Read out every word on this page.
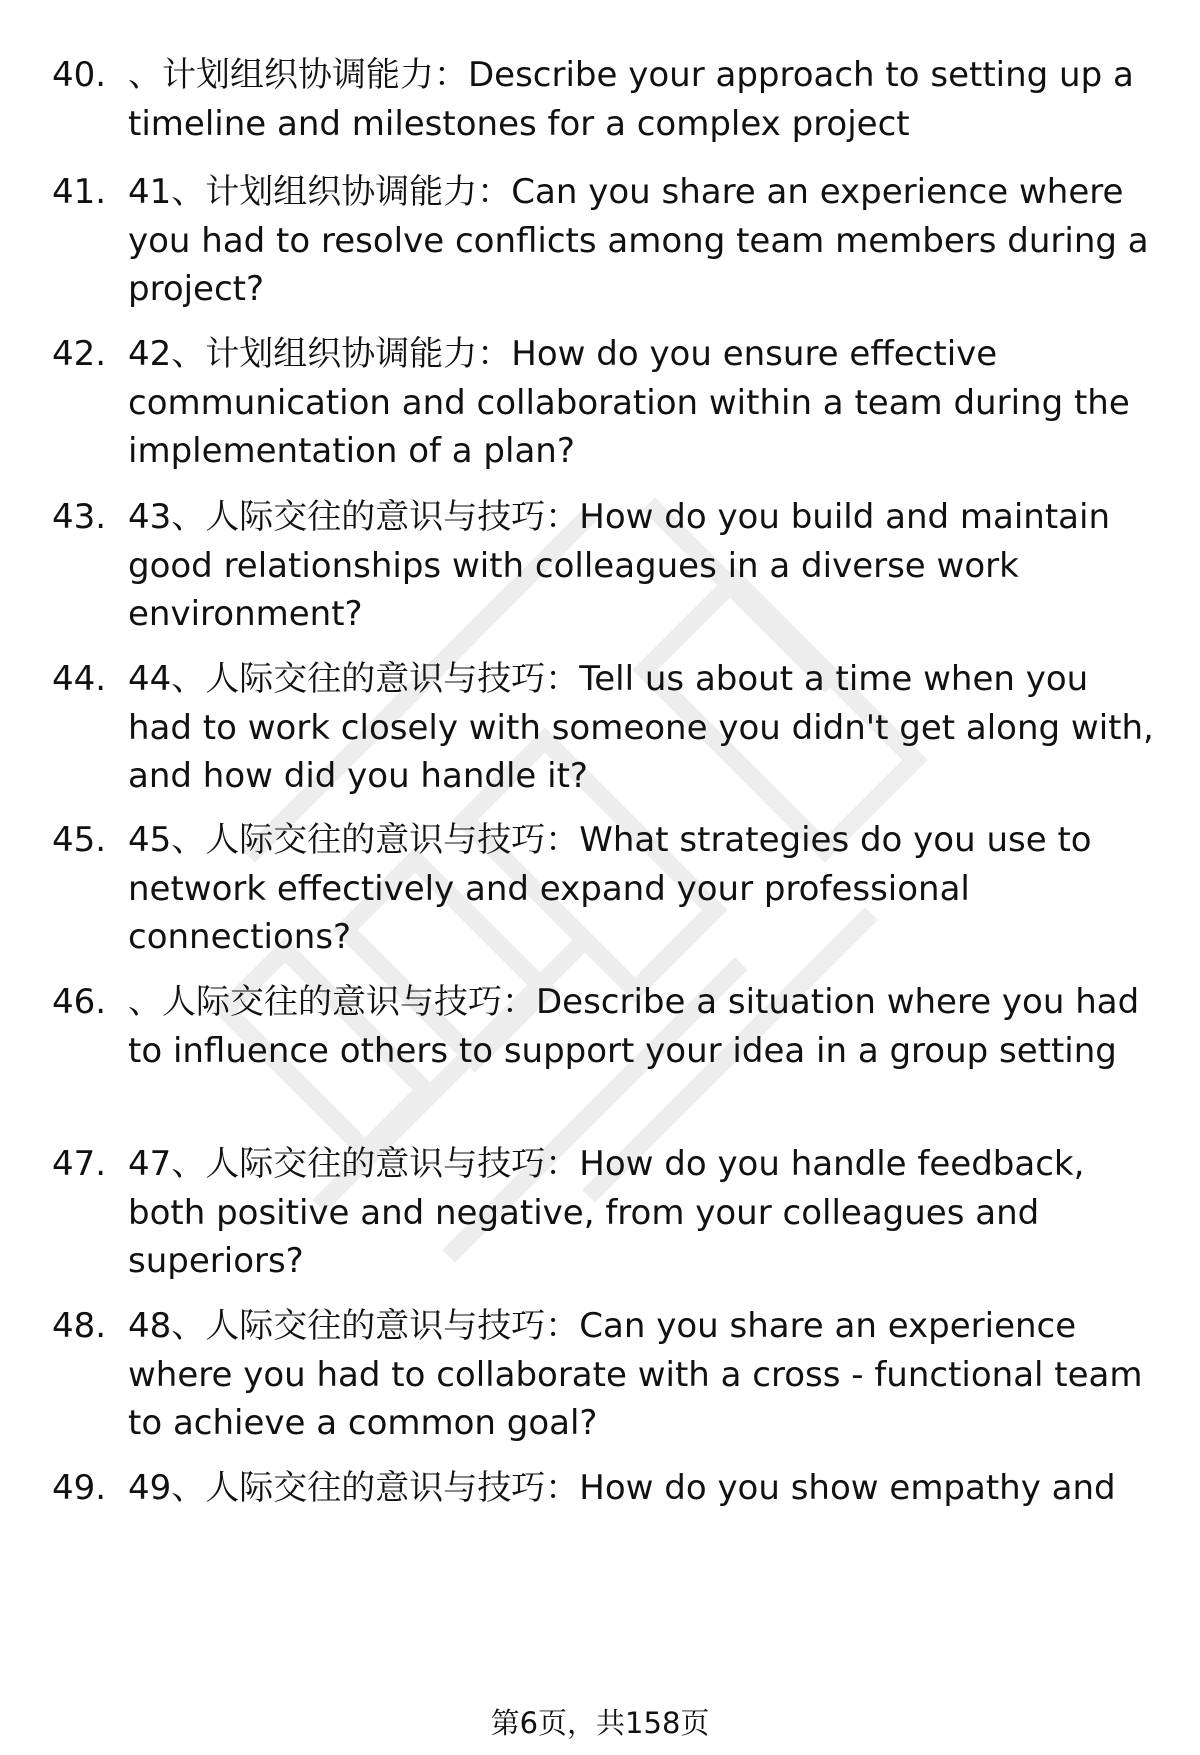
40. 、计划组织协调能力：Describe your approach to setting up a timeline and milestones for a complex project
41. 41、计划组织协调能力：Can you share an experience where you had to resolve conflicts among team members during a project?
42. 42、计划组织协调能力：How do you ensure effective communication and collaboration within a team during the implementation of a plan?
43. 43、人际交往的意识与技巧：How do you build and maintain good relationships with colleagues in a diverse work environment?
44. 44、人际交往的意识与技巧：Tell us about a time when you had to work closely with someone you didn't get along with, and how did you handle it?
45. 45、人际交往的意识与技巧：What strategies do you use to network effectively and expand your professional connections?
46. 、人际交往的意识与技巧：Describe a situation where you had to influence others to support your idea in a group setting
47. 47、人际交往的意识与技巧：How do you handle feedback, both positive and negative, from your colleagues and superiors?
48. 48、人际交往的意识与技巧：Can you share an experience where you had to collaborate with a cross - functional team to achieve a common goal?
49. 49、人际交往的意识与技巧：How do you show empathy and
第6页，共158页
